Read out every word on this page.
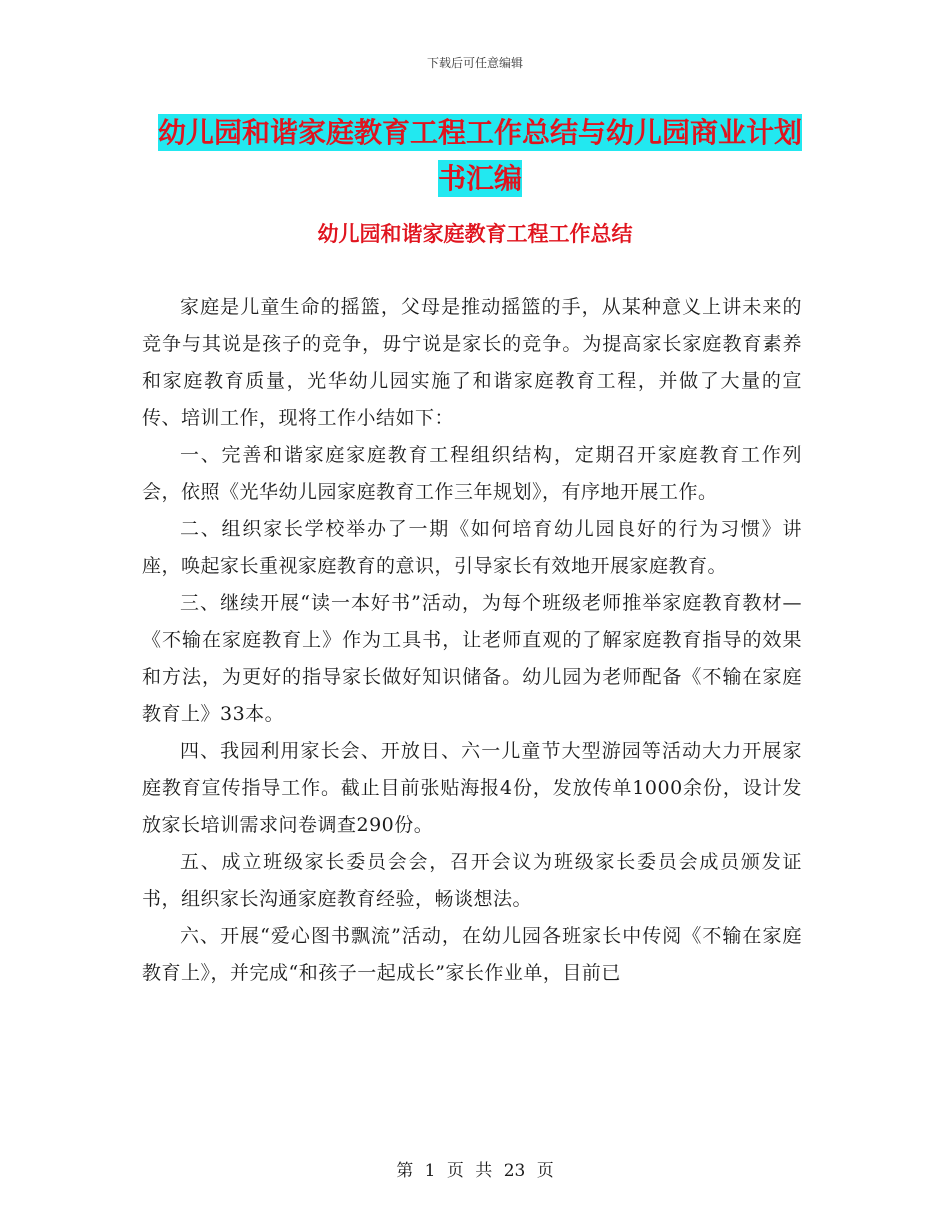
下载后可任意编辑
幼儿园和谐家庭教育工程工作总结与幼儿园商业计划
书汇编
幼儿园和谐家庭教育工程工作总结

家庭是儿童生命的摇篮，父母是推动摇篮的手，从某种意义上讲未来的竞争与其说是孩子的竞争，毋宁说是家长的竞争。为提高家长家庭教育素养和家庭教育质量，光华幼儿园实施了和谐家庭教育工程，并做了大量的宣传、培训工作，现将工作小结如下：

一、完善和谐家庭家庭教育工程组织结构，定期召开家庭教育工作列会，依照《光华幼儿园家庭教育工作三年规划》，有序地开展工作。

二、组织家长学校举办了一期《如何培育幼儿园良好的行为习惯》讲座，唤起家长重视家庭教育的意识，引导家长有效地开展家庭教育。

三、继续开展“读一本好书”活动，为每个班级老师推举家庭教育教材—《不输在家庭教育上》作为工具书，让老师直观的了解家庭教育指导的效果和方法，为更好的指导家长做好知识储备。幼儿园为老师配备《不输在家庭教育上》33本。

四、我园利用家长会、开放日、六一儿童节大型游园等活动大力开展家庭教育宣传指导工作。截止目前张贴海报4份，发放传单1000余份，设计发放家长培训需求问卷调查290份。

五、成立班级家长委员会会，召开会议为班级家长委员会成员颁发证书，组织家长沟通家庭教育经验，畅谈想法。

六、开展“爱心图书飘流”活动，在幼儿园各班家长中传阅《不输在家庭教育上》，并完成“和孩子一起成长”家长作业单，目前已

第 1 页 共 23 页
